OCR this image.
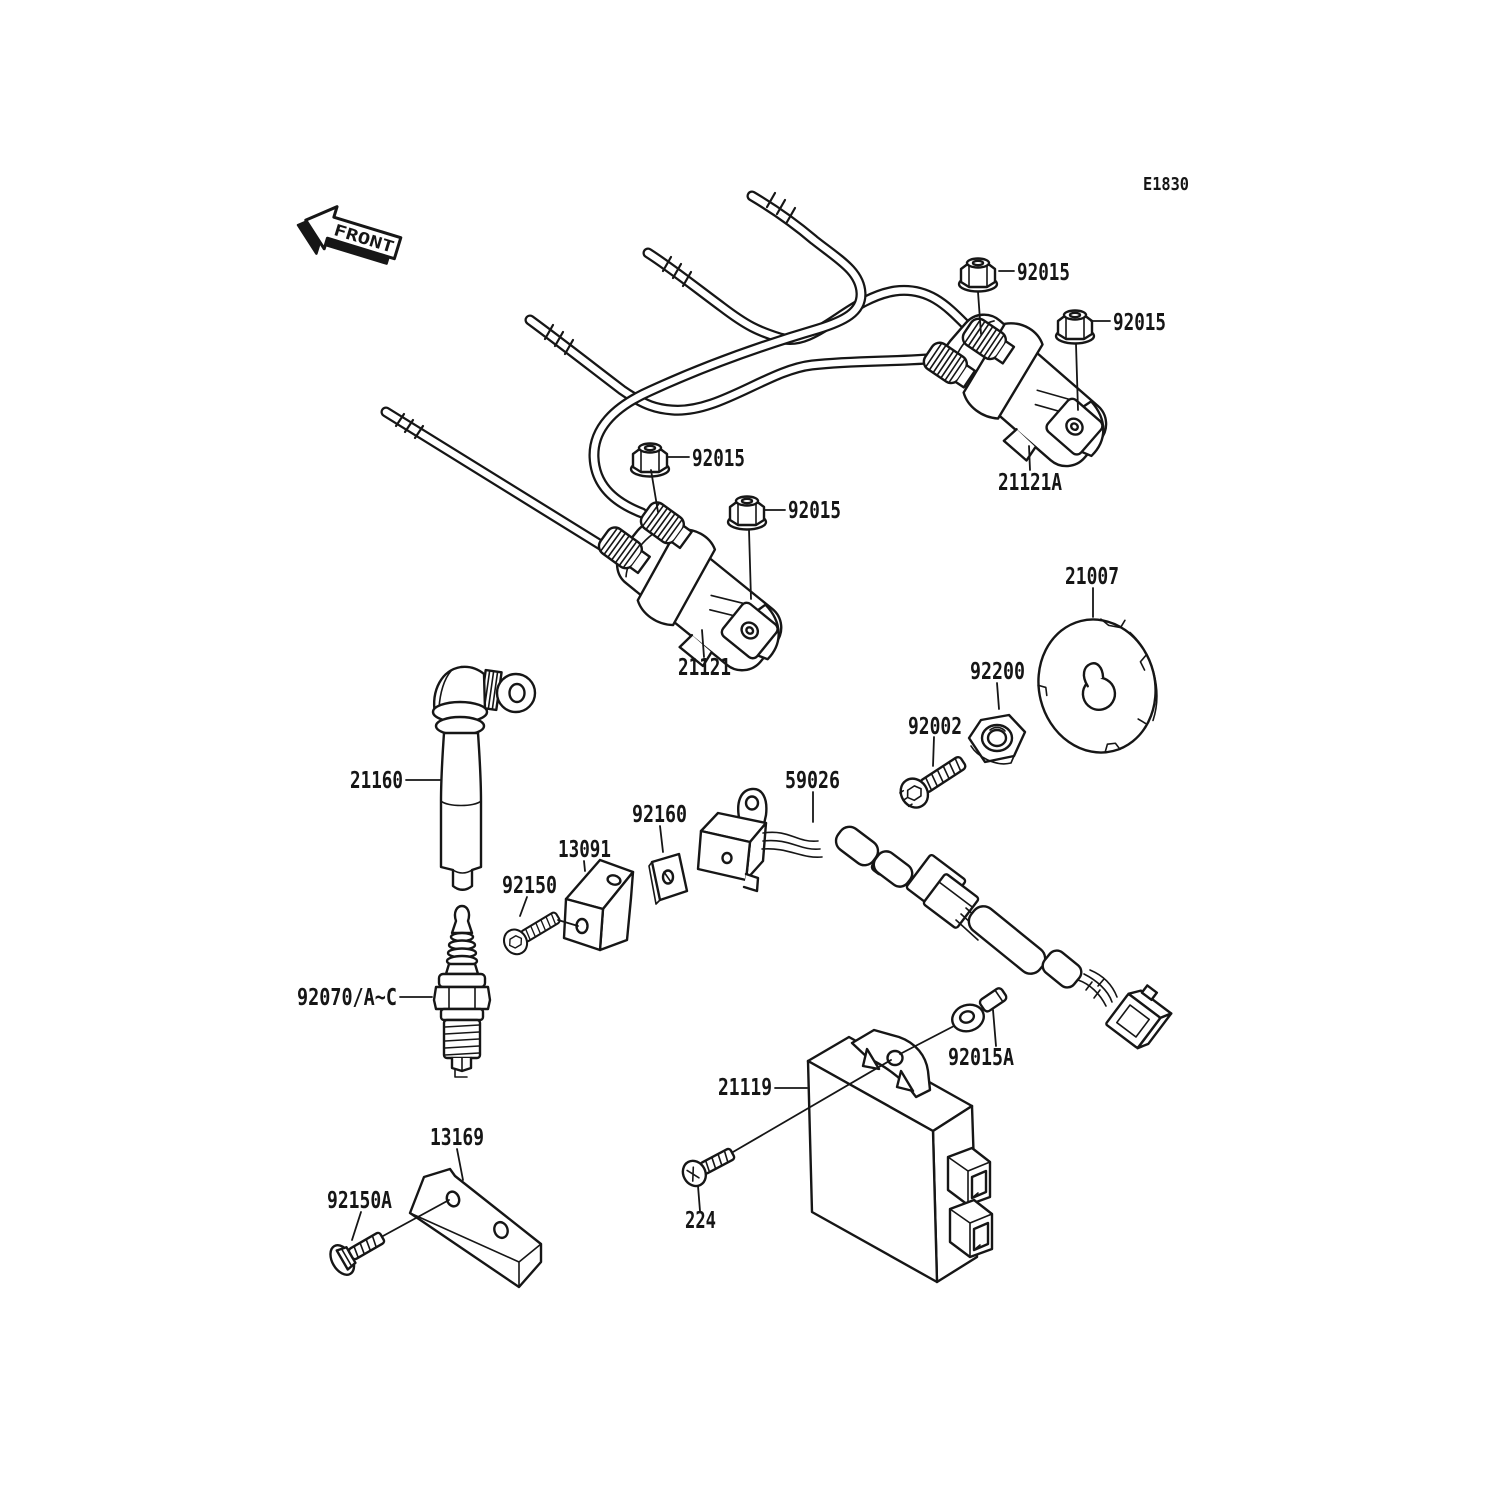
FRONT
92015
92015
21121A
92015
92015
21121
21007
92200
92002
21160	59026
92160
13091
92150
92070/A~C
13169
92150A
21119
92015A
224
E1830
